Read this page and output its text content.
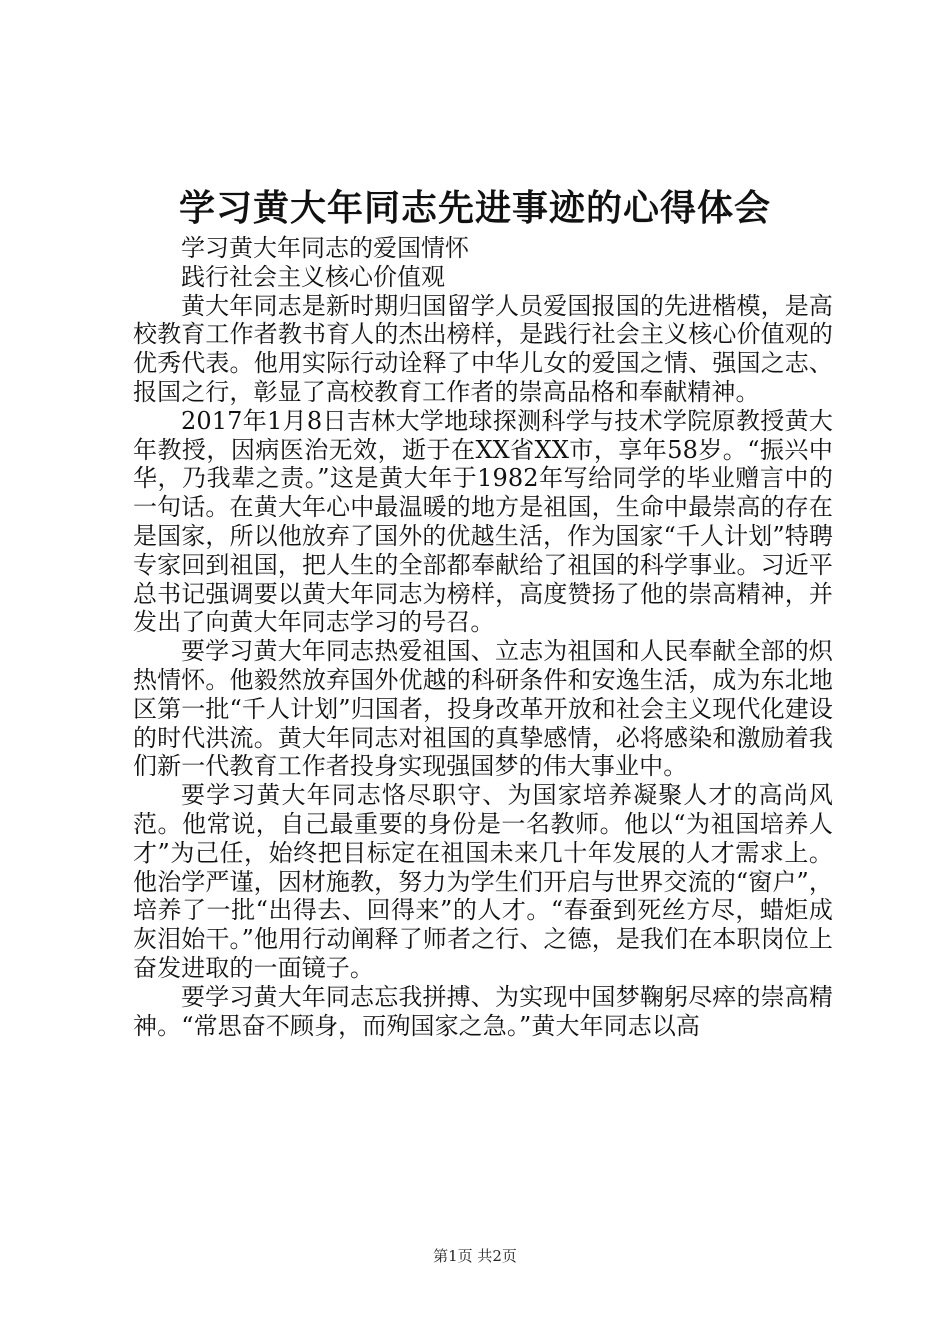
学习黄大年同志先进事迹的心得体会

学习黄大年同志的爱国情怀

践行社会主义核心价值观

黄大年同志是新时期归国留学人员爱国报国的先进楷模，是高校教育工作者教书育人的杰出榜样，是践行社会主义核心价值观的优秀代表。他用实际行动诠释了中华儿女的爱国之情、强国之志、报国之行，彰显了高校教育工作者的崇高品格和奉献精神。

2017年1月8日吉林大学地球探测科学与技术学院原教授黄大年教授，因病医治无效，逝于在XX省XX市，享年58岁。“振兴中华，乃我辈之责。”这是黄大年于1982年写给同学的毕业赠言中的一句话。在黄大年心中最温暖的地方是祖国，生命中最崇高的存在是国家，所以他放弃了国外的优越生活，作为国家“千人计划”特聘专家回到祖国，把人生的全部都奉献给了祖国的科学事业。习近平总书记强调要以黄大年同志为榜样，高度赞扬了他的崇高精神，并发出了向黄大年同志学习的号召。

要学习黄大年同志热爱祖国、立志为祖国和人民奉献全部的炽热情怀。他毅然放弃国外优越的科研条件和安逸生活，成为东北地区第一批“千人计划”归国者，投身改革开放和社会主义现代化建设的时代洪流。黄大年同志对祖国的真挚感情，必将感染和激励着我们新一代教育工作者投身实现强国梦的伟大事业中。

要学习黄大年同志恪尽职守、为国家培养凝聚人才的高尚风范。他常说，自己最重要的身份是一名教师。他以“为祖国培养人才”为己任，始终把目标定在祖国未来几十年发展的人才需求上。他治学严谨，因材施教，努力为学生们开启与世界交流的“窗户”，培养了一批“出得去、回得来”的人才。“春蚕到死丝方尽，蜡炬成灰泪始干。”他用行动阐释了师者之行、之德，是我们在本职岗位上奋发进取的一面镜子。

要学习黄大年同志忘我拼搏、为实现中国梦鞠躬尽瘁的崇高精神。“常思奋不顾身，而殉国家之急。”黄大年同志以高

第1页 共2页
